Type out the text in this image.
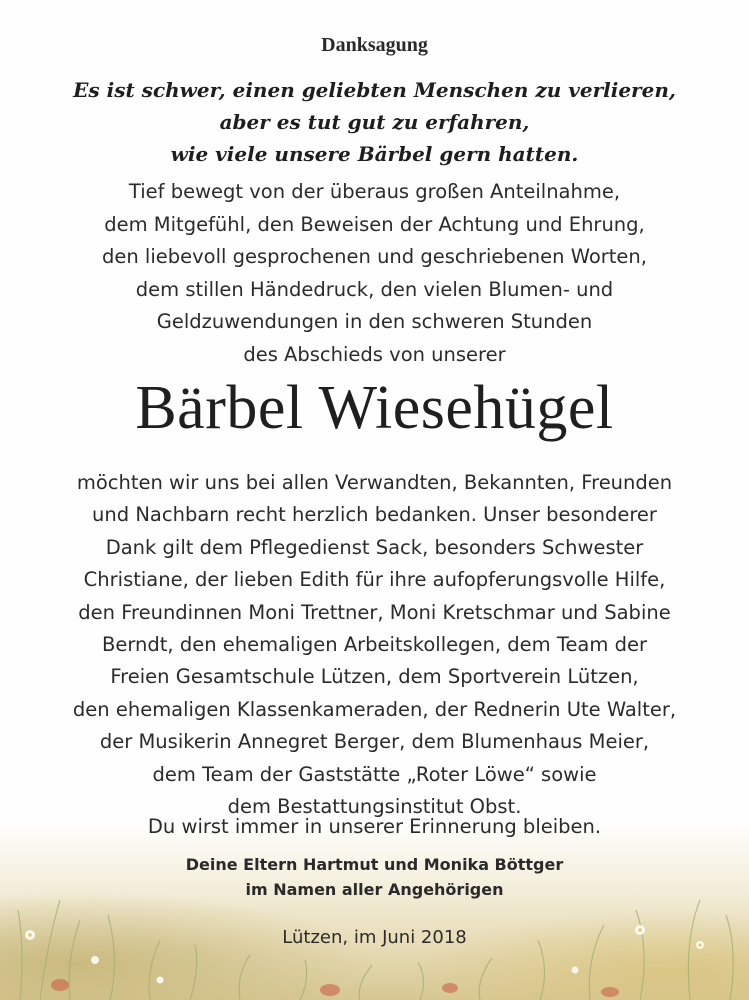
Danksagung
Es ist schwer, einen geliebten Menschen zu verlieren,
aber es tut gut zu erfahren,
wie viele unsere Bärbel gern hatten.
Tief bewegt von der überaus großen Anteilnahme,
dem Mitgefühl, den Beweisen der Achtung und Ehrung,
den liebevoll gesprochenen und geschriebenen Worten,
dem stillen Händedruck, den vielen Blumen- und
Geldzuwendungen in den schweren Stunden
des Abschieds von unserer
Bärbel Wiesehügel
möchten wir uns bei allen Verwandten, Bekannten, Freunden
und Nachbarn recht herzlich bedanken. Unser besonderer
Dank gilt dem Pflegedienst Sack, besonders Schwester
Christiane, der lieben Edith für ihre aufopferungsvolle Hilfe,
den Freundinnen Moni Trettner, Moni Kretschmar und Sabine
Berndt, den ehemaligen Arbeitskollegen, dem Team der
Freien Gesamtschule Lützen, dem Sportverein Lützen,
den ehemaligen Klassenkameraden, der Rednerin Ute Walter,
der Musikerin Annegret Berger, dem Blumenhaus Meier,
dem Team der Gaststätte „Roter Löwe“ sowie
dem Bestattungsinstitut Obst.
Du wirst immer in unserer Erinnerung bleiben.
Deine Eltern Hartmut und Monika Böttger
im Namen aller Angehörigen
Lützen, im Juni 2018
